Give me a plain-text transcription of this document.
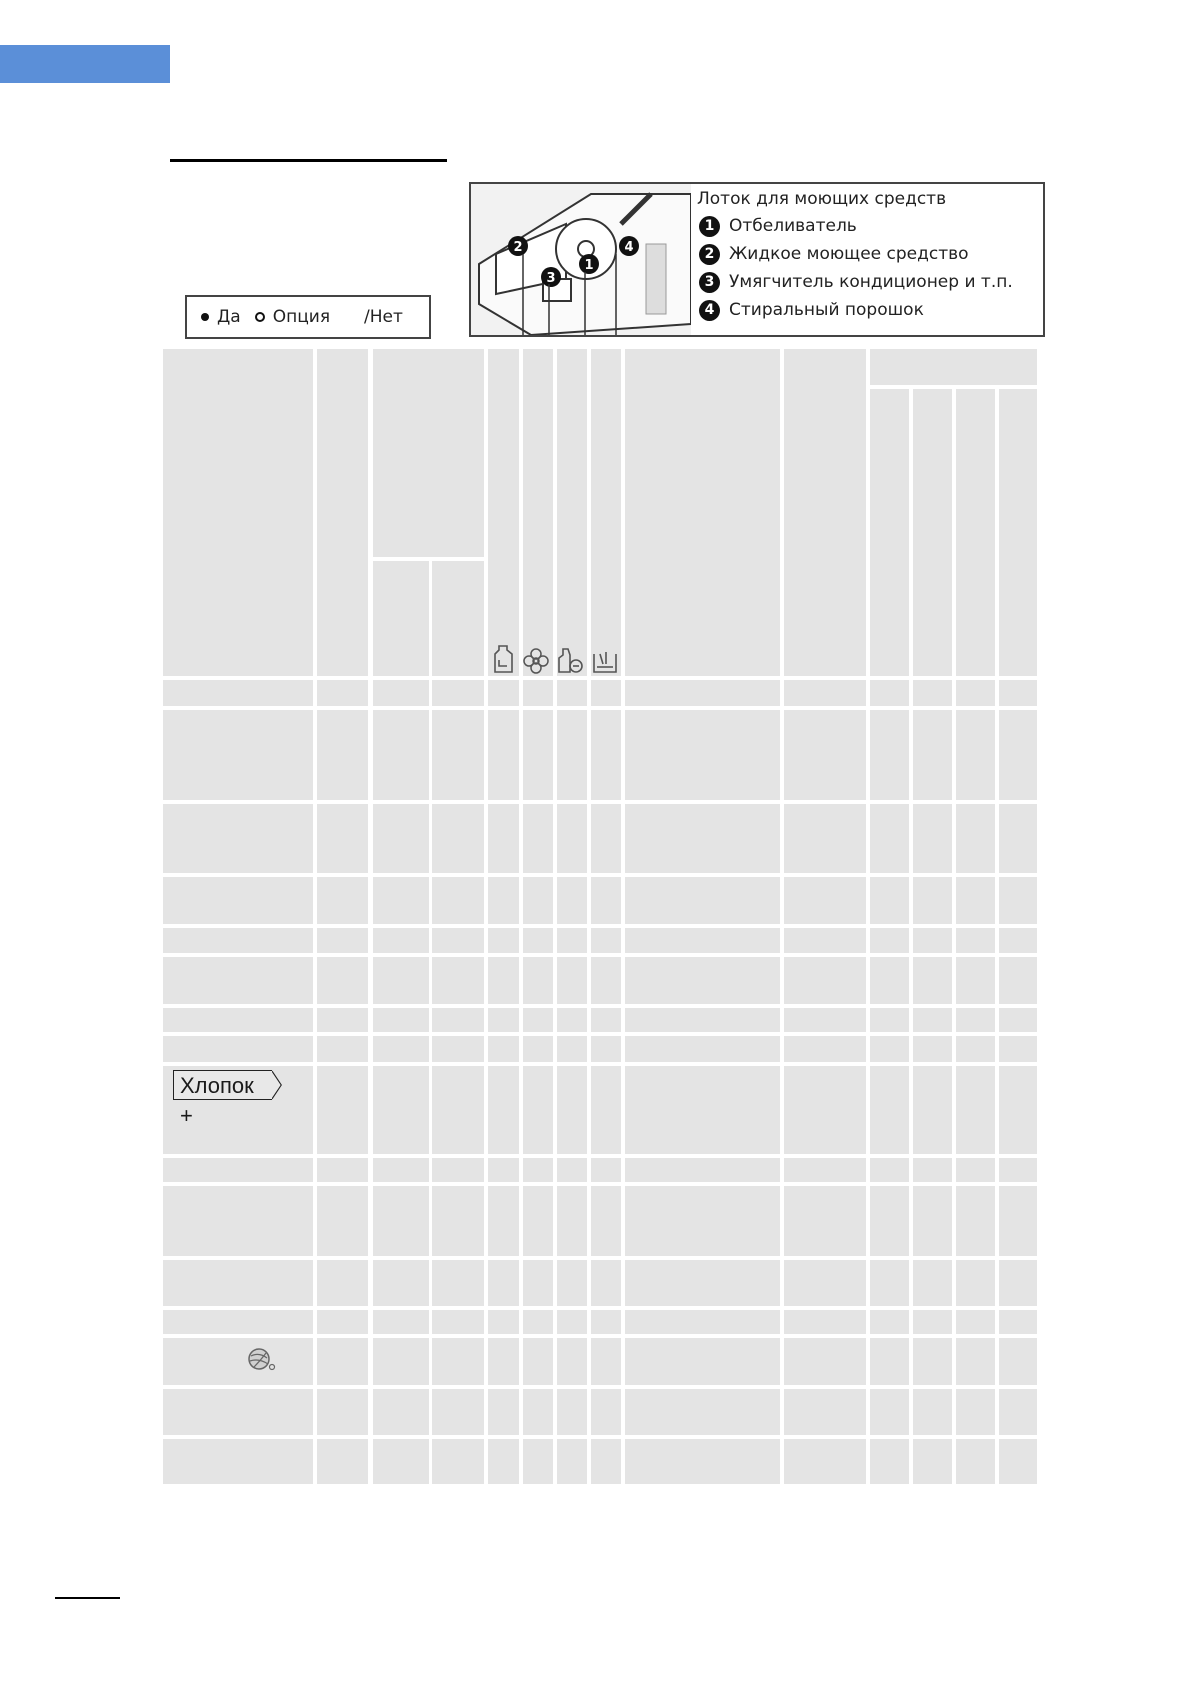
Да Опция /Нет
2
3
1
4
Лоток для моющих средств
1 Отбеливатель
2 Жидкое моющее средство
3 Умягчитель кондиционер и т.п.
4 Стиральный порошок
Хлопок +
